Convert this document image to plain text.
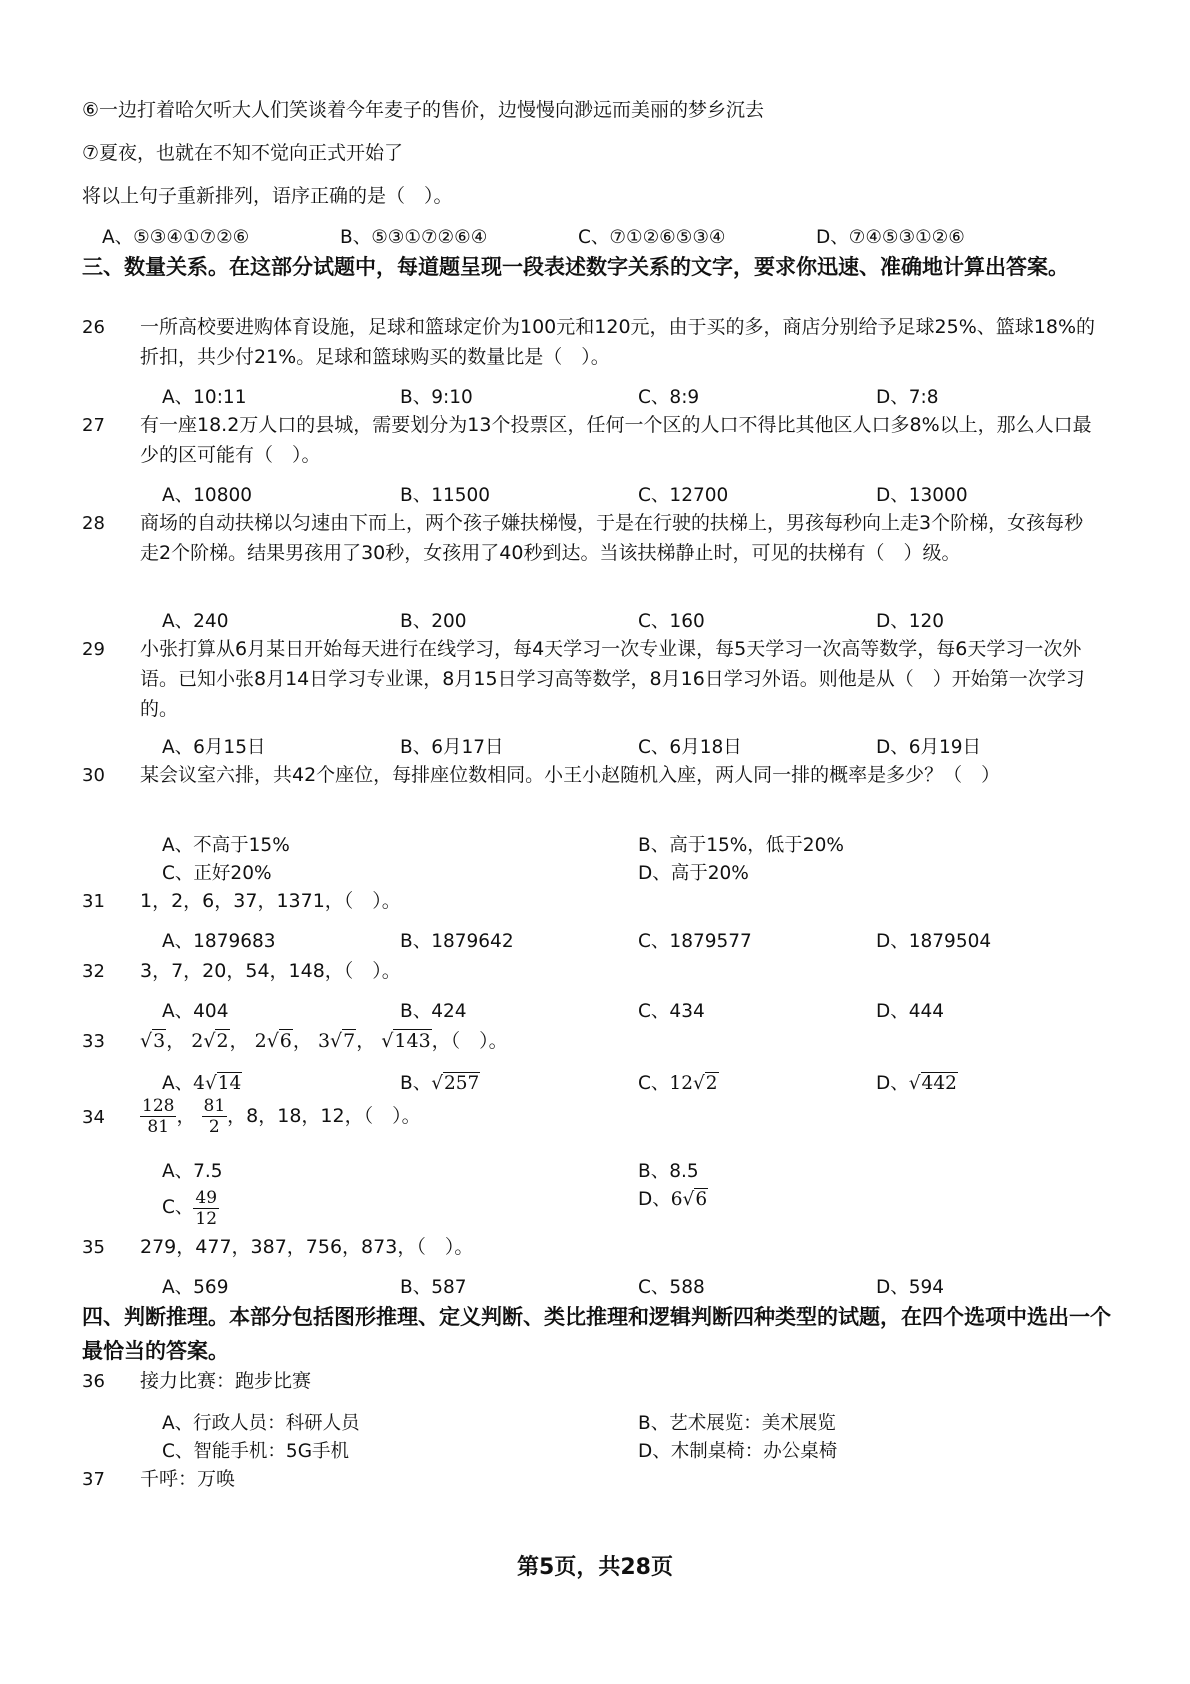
⑥一边打着哈欠听大人们笑谈着今年麦子的售价，边慢慢向渺远而美丽的梦乡沉去
⑦夏夜，也就在不知不觉向正式开始了
将以上句子重新排列，语序正确的是（　）。
A、⑤③④①⑦②⑥	B、⑤③①⑦②⑥④	C、⑦①②⑥⑤③④	D、⑦④⑤③①②⑥
三、数量关系。在这部分试题中，每道题呈现一段表述数字关系的文字，要求你迅速、准确地计算出答案。
26 一所高校要进购体育设施，足球和篮球定价为100元和120元，由于买的多，商店分别给予足球25%、篮球18%的折扣，共少付21%。足球和篮球购买的数量比是（　）。
A、10:11	B、9:10	C、8:9	D、7:8
27 有一座18.2万人口的县城，需要划分为13个投票区，任何一个区的人口不得比其他区人口多8%以上，那么人口最少的区可能有（　）。
A、10800	B、11500	C、12700	D、13000
28 商场的自动扶梯以匀速由下而上，两个孩子嫌扶梯慢，于是在行驶的扶梯上，男孩每秒向上走3个阶梯，女孩每秒走2个阶梯。结果男孩用了30秒，女孩用了40秒到达。当该扶梯静止时，可见的扶梯有（　）级。
A、240	B、200	C、160	D、120
29 小张打算从6月某日开始每天进行在线学习，每4天学习一次专业课，每5天学习一次高等数学，每6天学习一次外语。已知小张8月14日学习专业课，8月15日学习高等数学，8月16日学习外语。则他是从（　）开始第一次学习的。
A、6月15日	B、6月17日	C、6月18日	D、6月19日
30 某会议室六排，共42个座位，每排座位数相同。小王小赵随机入座，两人同一排的概率是多少？（　）
A、不高于15%	B、高于15%，低于20%
C、正好20%	D、高于20%
31 1，2，6，37，1371，（　）。
A、1879683	B、1879642	C、1879577	D、1879504
32 3，7，20，54，148，（　）。
A、404	B、424	C、434	D、444
33 √3， 2√2， 2√6， 3√7， √143，（　）。
A、4√14	B、√257	C、12√2	D、√442
$34 \frac{128}{81}$ ， $\frac{81}{2}$ ，8，18，12，（　）。
A、7.5	B、8.5
C、 $\frac{49}{12}$	D、6√6
35 279，477，387，756，873，（　）。
A、569	B、587	C、588	D、594
四、判断推理。本部分包括图形推理、定义判断、类比推理和逻辑判断四种类型的试题，在四个选项中选出一个最恰当的答案。
36 接力比赛：跑步比赛
A、行政人员：科研人员	B、艺术展览：美术展览
C、智能手机：5G手机	D、木制桌椅：办公桌椅
37 千呼：万唤
第5页，共28页
